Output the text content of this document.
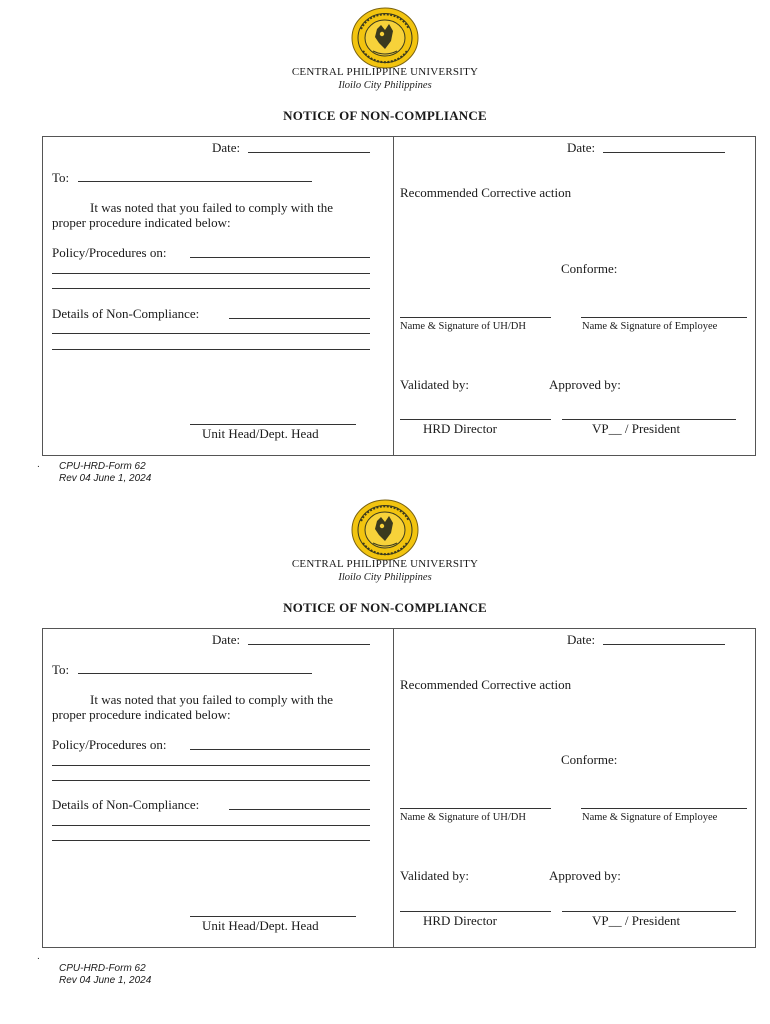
CENTRAL PHILIPPINE UNIVERSITY
Iloilo City Philippines
NOTICE OF NON-COMPLIANCE
Date:
To:
It was noted that you failed to comply with the
proper procedure indicated below:
Policy/Procedures on:
Details of Non-Compliance:
Unit Head/Dept. Head
Date:
Recommended Corrective action
Conforme:
Name & Signature of UH/DH	Name & Signature of Employee
Validated by:	Approved by:
HRD Director	VP__ / President
. CPU-HRD-Form 62
Rev 04 June 1, 2024
CENTRAL PHILIPPINE UNIVERSITY
Iloilo City Philippines
NOTICE OF NON-COMPLIANCE
Date:
To:
It was noted that you failed to comply with the
proper procedure indicated below:
Policy/Procedures on:
Details of Non-Compliance:
Unit Head/Dept. Head
Date:
Recommended Corrective action
Conforme:
Name & Signature of UH/DH	Name & Signature of Employee
Validated by:	Approved by:
HRD Director	VP__ / President
.
CPU-HRD-Form 62
Rev 04 June 1, 2024
